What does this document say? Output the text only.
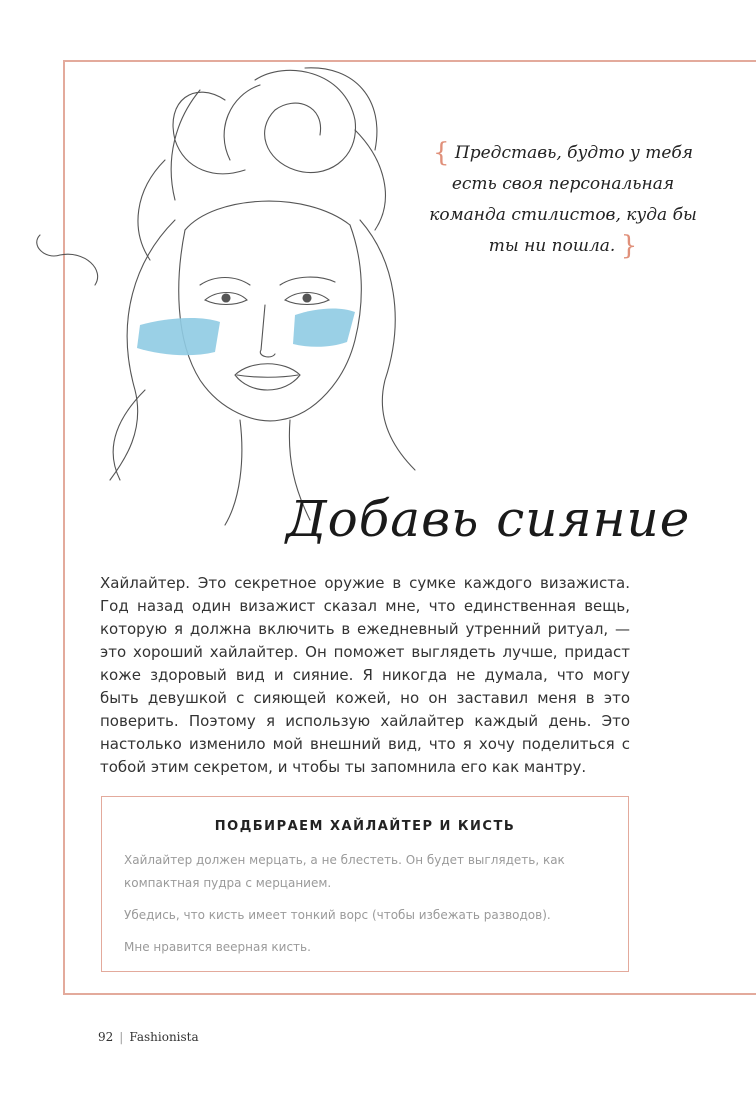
{ Представь, будто у тебя есть своя персональная команда стилистов, куда бы ты ни пошла. }
Добавь сияние
Хайлайтер. Это секретное оружие в сумке каждого визажиста. Год назад один визажист сказал мне, что единственная вещь, которую я должна включить в ежедневный утренний ритуал, — это хороший хайлайтер. Он поможет выглядеть лучше, придаст коже здоровый вид и сияние. Я никогда не думала, что могу быть девушкой с сияющей кожей, но он заставил меня в это поверить. Поэтому я использую хайлайтер каждый день. Это настолько изменило мой внешний вид, что я хочу поделиться с тобой этим секретом, и чтобы ты запомнила его как мантру.
ПОДБИРАЕМ ХАЙЛАЙТЕР И КИСТЬ

Хайлайтер должен мерцать, а не блестеть. Он будет выглядеть, как компактная пудра с мерцанием.

Убедись, что кисть имеет тонкий ворс (чтобы избежать разводов).

Мне нравится веерная кисть.

92 | Fashionista
